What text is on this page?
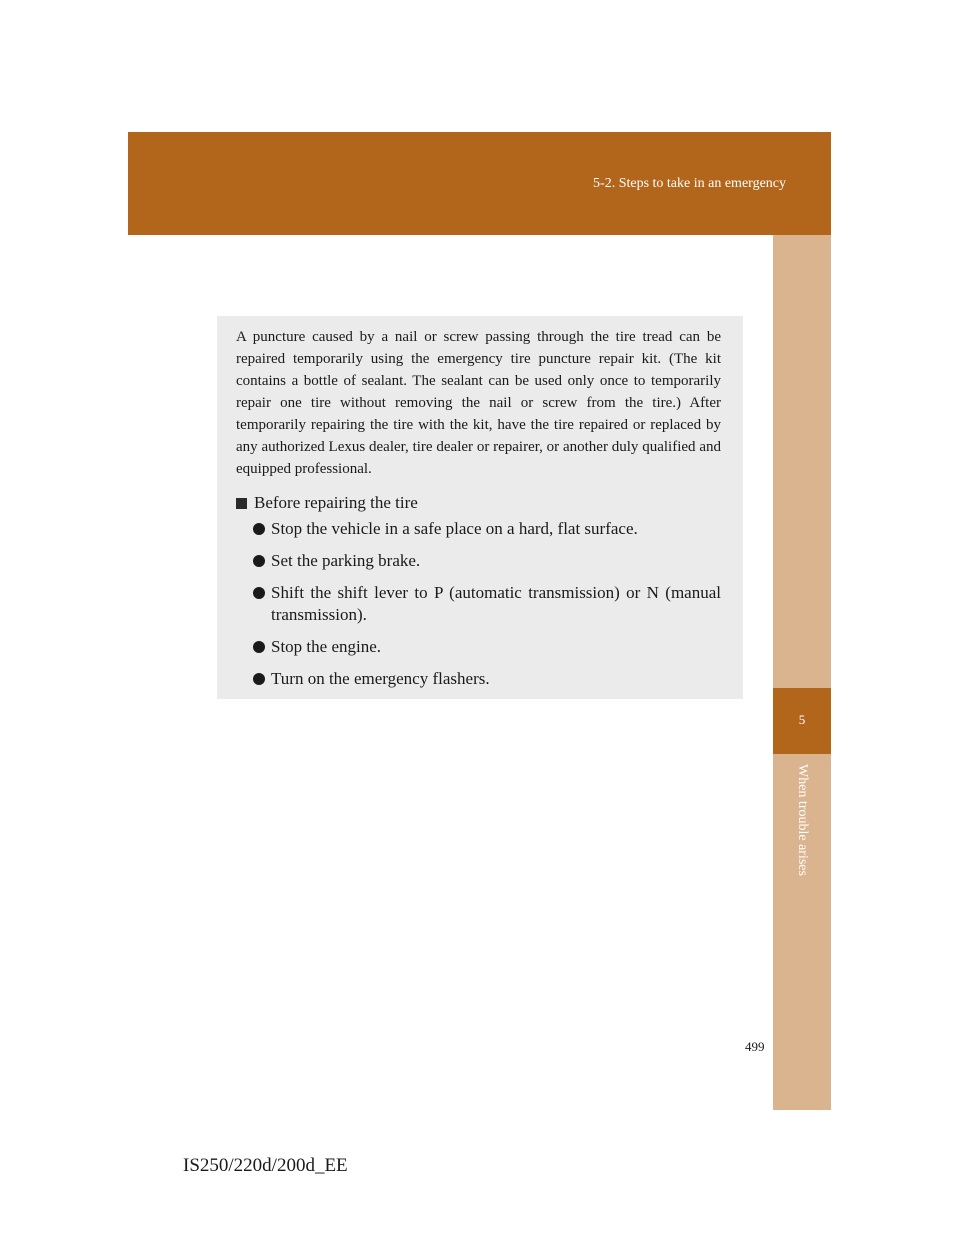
5-2. Steps to take in an emergency
5
When trouble arises

A puncture caused by a nail or screw passing through the tire tread can be repaired temporarily using the emergency tire puncture repair kit. (The kit contains a bottle of sealant. The sealant can be used only once to temporarily repair one tire without removing the nail or screw from the tire.) After temporarily repairing the tire with the kit, have the tire repaired or replaced by any authorized Lexus dealer, tire dealer or repairer, or another duly qualified and equipped professional.

Before repairing the tire
Stop the vehicle in a safe place on a hard, flat surface.
Set the parking brake.
Shift the shift lever to P (automatic transmission) or N (manual transmission).
Stop the engine.
Turn on the emergency flashers.
499
IS250/220d/200d_EE
